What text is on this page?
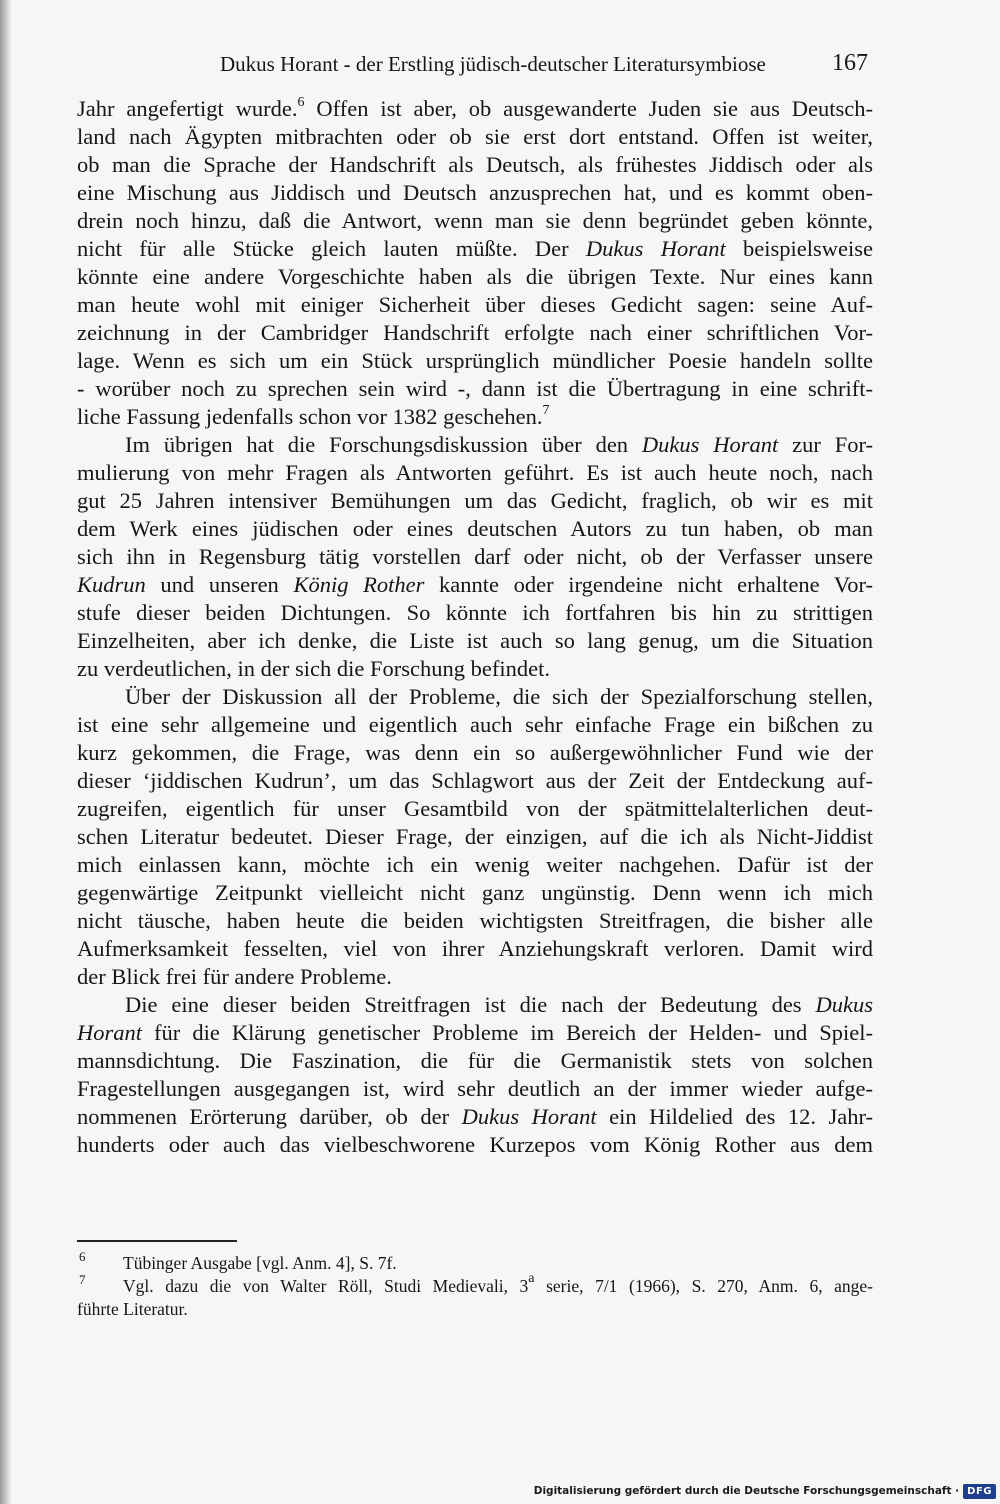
Dukus Horant - der Erstling jüdisch-deutscher Literatursymbiose	167
Jahr angefertigt wurde.$^6$ Offen ist aber, ob ausgewanderte Juden sie aus Deutsch-
land nach Ägypten mitbrachten oder ob sie erst dort entstand. Offen ist weiter,
ob man die Sprache der Handschrift als Deutsch, als frühestes Jiddisch oder als
eine Mischung aus Jiddisch und Deutsch anzusprechen hat, und es kommt oben-
drein noch hinzu, daß die Antwort, wenn man sie denn begründet geben könnte,
nicht für alle Stücke gleich lauten müßte. Der Dukus Horant beispielsweise
könnte eine andere Vorgeschichte haben als die übrigen Texte. Nur eines kann
man heute wohl mit einiger Sicherheit über dieses Gedicht sagen: seine Auf-
zeichnung in der Cambridger Handschrift erfolgte nach einer schriftlichen Vor-
lage. Wenn es sich um ein Stück ursprünglich mündlicher Poesie handeln sollte
- worüber noch zu sprechen sein wird -, dann ist die Übertragung in eine schrift-
liche Fassung jedenfalls schon vor 1382 geschehen.$^7$
Im übrigen hat die Forschungsdiskussion über den Dukus Horant zur For-
mulierung von mehr Fragen als Antworten geführt. Es ist auch heute noch, nach
gut 25 Jahren intensiver Bemühungen um das Gedicht, fraglich, ob wir es mit
dem Werk eines jüdischen oder eines deutschen Autors zu tun haben, ob man
sich ihn in Regensburg tätig vorstellen darf oder nicht, ob der Verfasser unsere
Kudrun und unseren König Rother kannte oder irgendeine nicht erhaltene Vor-
stufe dieser beiden Dichtungen. So könnte ich fortfahren bis hin zu strittigen
Einzelheiten, aber ich denke, die Liste ist auch so lang genug, um die Situation
zu verdeutlichen, in der sich die Forschung befindet.
Über der Diskussion all der Probleme, die sich der Spezialforschung stellen,
ist eine sehr allgemeine und eigentlich auch sehr einfache Frage ein bißchen zu
kurz gekommen, die Frage, was denn ein so außergewöhnlicher Fund wie der
dieser ‘jiddischen Kudrun’, um das Schlagwort aus der Zeit der Entdeckung auf-
zugreifen, eigentlich für unser Gesamtbild von der spätmittelalterlichen deut-
schen Literatur bedeutet. Dieser Frage, der einzigen, auf die ich als Nicht-Jiddist
mich einlassen kann, möchte ich ein wenig weiter nachgehen. Dafür ist der
gegenwärtige Zeitpunkt vielleicht nicht ganz ungünstig. Denn wenn ich mich
nicht täusche, haben heute die beiden wichtigsten Streitfragen, die bisher alle
Aufmerksamkeit fesselten, viel von ihrer Anziehungskraft verloren. Damit wird
der Blick frei für andere Probleme.
Die eine dieser beiden Streitfragen ist die nach der Bedeutung des Dukus
Horant für die Klärung genetischer Probleme im Bereich der Helden- und Spiel-
mannsdichtung. Die Faszination, die für die Germanistik stets von solchen
Fragestellungen ausgegangen ist, wird sehr deutlich an der immer wieder aufge-
nommenen Erörterung darüber, ob der Dukus Horant ein Hildelied des 12. Jahr-
hunderts oder auch das vielbeschworene Kurzepos vom König Rother aus dem
6	Tübinger Ausgabe [vgl. Anm. 4], S. 7f.
7	Vgl. dazu die von Walter Röll, Studi Medievali, 3$^a$ serie, 7/1 (1966), S. 270, Anm. 6, ange-
führte Literatur.
Digitalisierung gefördert durch die Deutsche Forschungsgemeinschaft · DFG
